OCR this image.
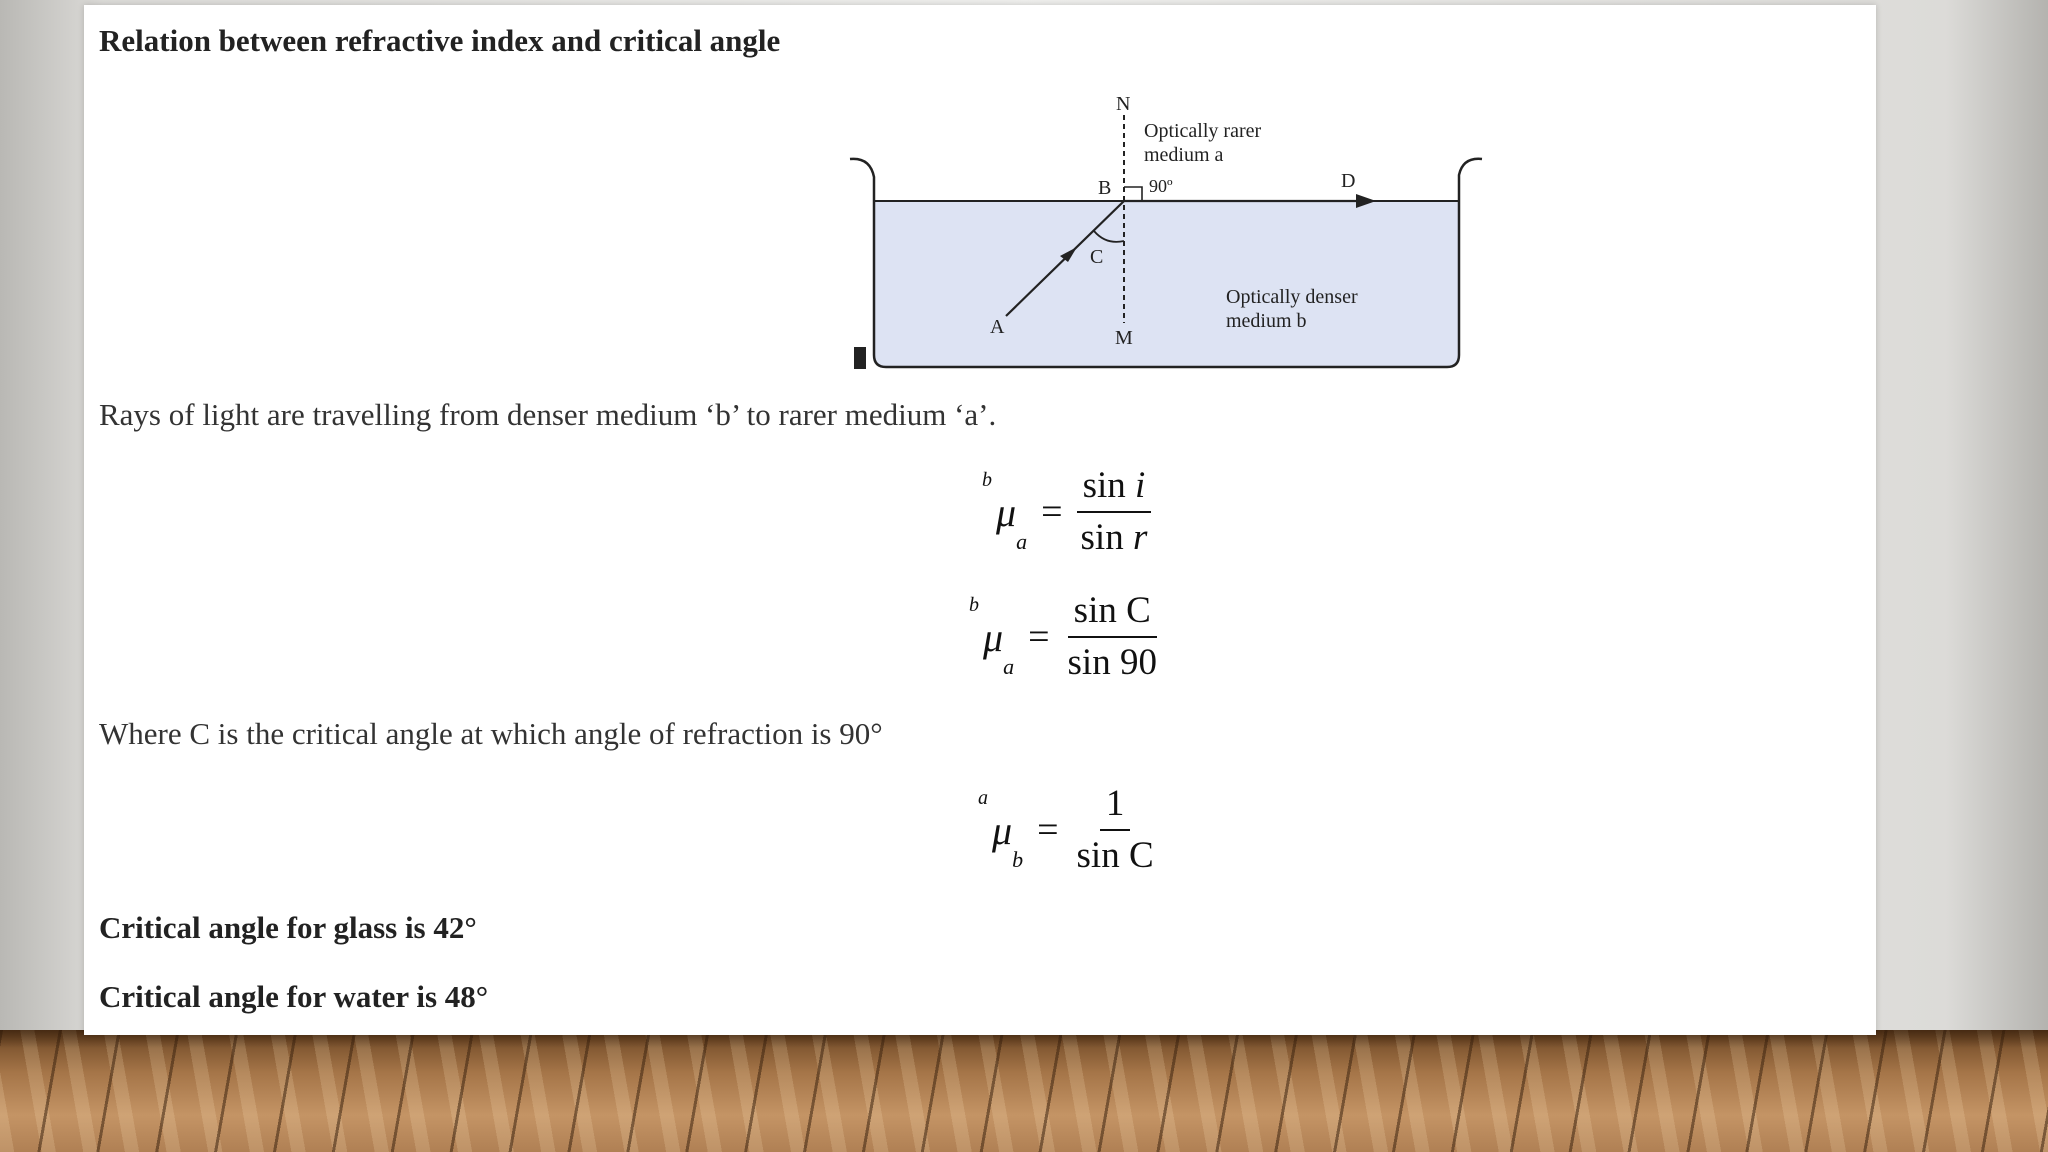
Relation between refractive index and critical angle
N
B 90º	D
C
A	M
Optically rarer
medium a
Optically denser
medium b

Rays of light are travelling from denser medium ‘b’ to rarer medium ‘a’.

b
μ
a
= $\frac{\text{sin i}}{\text{sin r}}$
b
μ
a
= $\frac{\text{sin C}}{\sin 90}$

Where C is the critical angle at which angle of refraction is 90°

a
μ
b
= $\frac{1}{\text{sin C}}$

Critical angle for glass is 42°

Critical angle for water is 48°
